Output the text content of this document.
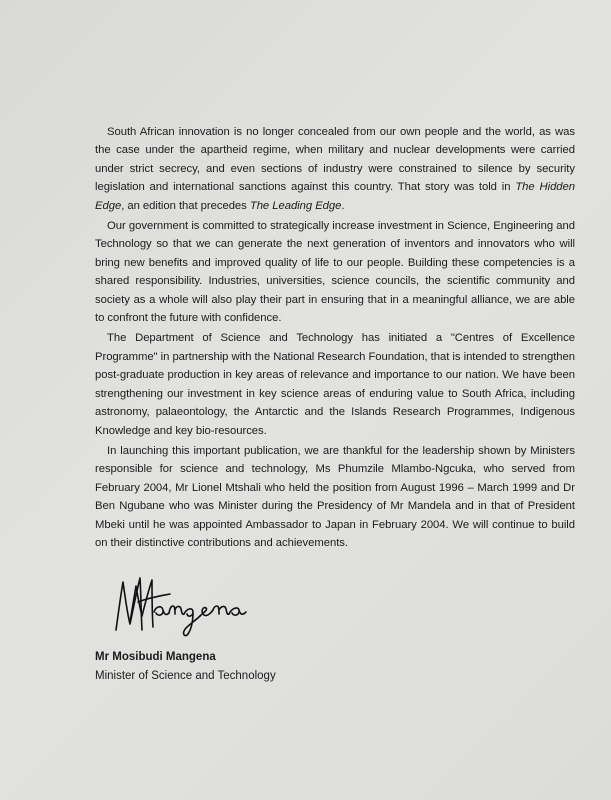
South African innovation is no longer concealed from our own people and the world, as was the case under the apartheid regime, when military and nuclear developments were carried under strict secrecy, and even sections of industry were constrained to silence by security legislation and international sanctions against this country. That story was told in The Hidden Edge, an edition that precedes The Leading Edge.

Our government is committed to strategically increase investment in Science, Engineering and Technology so that we can generate the next generation of inventors and innovators who will bring new benefits and improved quality of life to our people. Building these competencies is a shared responsibility. Industries, universities, science councils, the scientific community and society as a whole will also play their part in ensuring that in a meaningful alliance, we are able to confront the future with confidence.

The Department of Science and Technology has initiated a "Centres of Excellence Programme" in partnership with the National Research Foundation, that is intended to strengthen post-graduate production in key areas of relevance and importance to our nation. We have been strengthening our investment in key science areas of enduring value to South Africa, including astronomy, palaeontology, the Antarctic and the Islands Research Programmes, Indigenous Knowledge and key bio-resources.

In launching this important publication, we are thankful for the leadership shown by Ministers responsible for science and technology, Ms Phumzile Mlambo-Ngcuka, who served from February 2004, Mr Lionel Mtshali who held the position from August 1996 – March 1999 and Dr Ben Ngubane who was Minister during the Presidency of Mr Mandela and in that of President Mbeki until he was appointed Ambassador to Japan in February 2004. We will continue to build on their distinctive contributions and achievements.

Mr Mosibudi Mangena
Minister of Science and Technology
